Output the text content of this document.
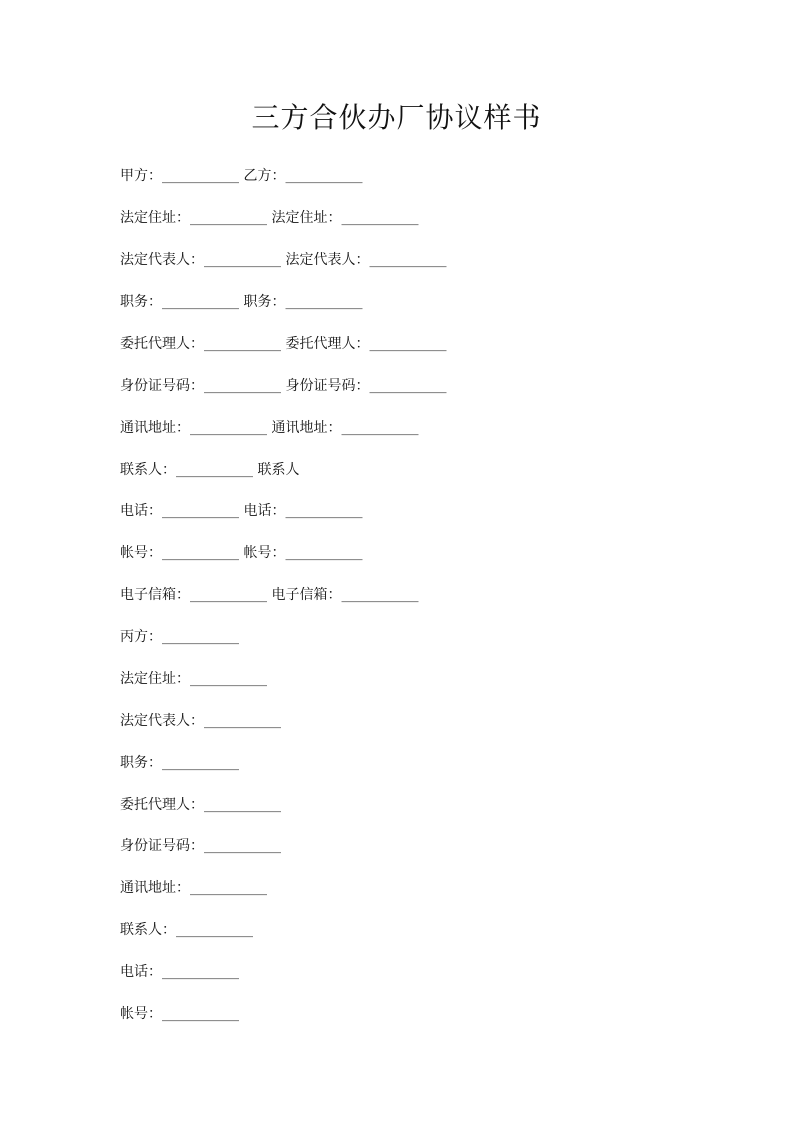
三方合伙办厂协议样书

甲方：___________ 乙方：___________

法定住址：___________ 法定住址：___________

法定代表人：___________ 法定代表人：___________

职务：___________ 职务：___________

委托代理人：___________ 委托代理人：___________

身份证号码：___________ 身份证号码：___________

通讯地址：___________ 通讯地址：___________

联系人：___________ 联系人

电话：___________ 电话：___________

帐号：___________ 帐号：___________

电子信箱：___________ 电子信箱：___________

丙方：___________

法定住址：___________

法定代表人：___________

职务：___________

委托代理人：___________

身份证号码：___________

通讯地址：___________

联系人：___________

电话：___________

帐号：___________
